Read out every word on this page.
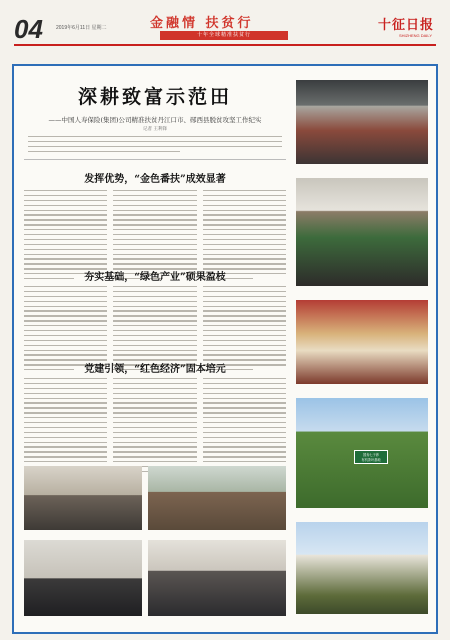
04	2019年6月11日 星期二	金融情 扶贫行
十年全球精准扶贫行
十征日报
SHIZHENG DAILY
深耕致富示范田
——中国人寿保险(集团)公司精准扶贫丹江口市、郧西县脱贫攻坚工作纪实
记者 王利锋
发挥优势，“金色番扶”成效显著
夯实基础，“绿色产业”硕果盈枝
党建引领，“红色经济”固本培元
国寿七子养
有机茶叶基地
